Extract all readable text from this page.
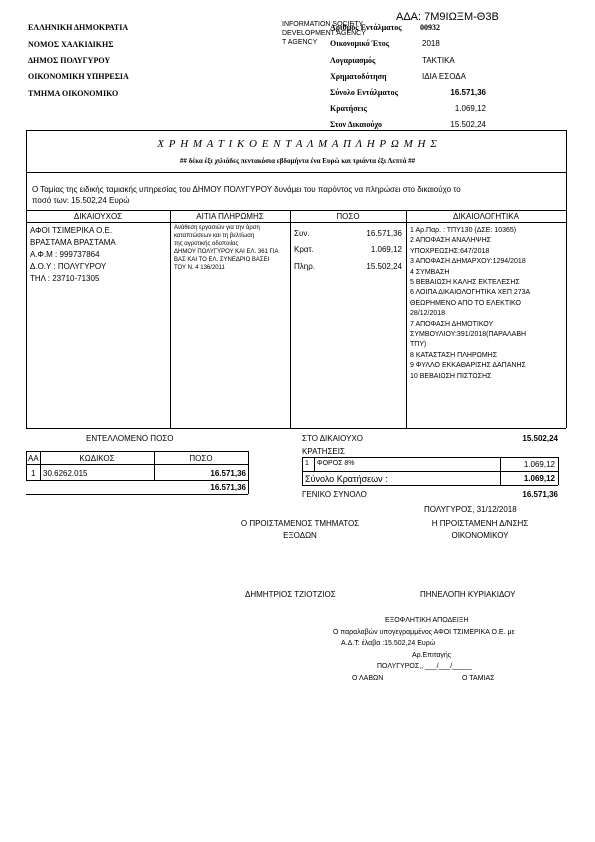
ΑΔΑ: 7Μ9ΙΩΞΜ-Θ3Β
ΕΛΛΗΝΙΚΗ ΔΗΜΟΚΡΑΤΙΑ
ΝΟΜΟΣ ΧΑΛΚΙΔΙΚΗΣ
ΔΗΜΟΣ ΠΟΛΥΓΥΡΟΥ
ΟΙΚΟΝΟΜΙΚΗ ΥΠΗΡΕΣΙΑ
ΤΜΗΜΑ ΟΙΚΟΝΟΜΙΚΟ
INFORMATION SOCIETY
DEVELOPMENT AGENCY
T AGENCY
Αριθμός Εντάλματος 00932
Οικονομικό Έτος	2018
Λογαριασμός	ΤΑΚΤΙΚΑ
Χρηματοδότηση	ΙΔΙΑ ΕΣΟΔΑ
Σύνολο Εντάλματος	16.571,36
Κρατήσεις	1.069,12
Στον Δικαιούχο	15.502,24
Χ Ρ Η Μ Α Τ Ι Κ Ο Ε Ν Τ Α Λ Μ Α Π Λ Η Ρ Ω Μ Η Σ
## δέκα έξι χιλιάδες πεντακόσια εβδομήντα ένα Ευρώ και τριάντα έξι Λεπτά ##
Ο Ταμίας της ειδικής ταμιακής υπηρεσίας του ΔΗΜΟΥ ΠΟΛΥΓΥΡΟΥ δυνάμει του παρόντος να πληρώσει στο δικαιούχο το
ποσό των: 15.502,24 Ευρώ
ΔΙΚΑΙΟΥΧΟΣ	ΑΙΤΙΑ ΠΛΗΡΩΜΗΣ	ΠΟΣΟ	ΔΙΚΑΙΟΛΟΓΗΤΙΚΑ
ΑΦΟΙ ΤΣΙΜΕΡΙΚΑ Ο.Ε.
ΒΡΑΣΤΑΜΑ ΒΡΑΣΤΑΜΑ
Α.Φ.Μ : 999737864
Δ.Ο.Υ : ΠΟΛΥΓΥΡΟΥ
ΤΗΛ : 23710-71305
Ανάθεση εργασιών για την άρση
καταπτώσεων και τη βελτίωση
της αγροτικής οδοποιίας
ΔΗΜΟΥ ΠΟΛΥΓΥΡΟΥ ΚΑΙ ΕΛ. 361 ΓΙΑ
ΒΑΣ ΚΑΙ ΤΟ ΕΛ. ΣΥΝΕΔΡΙΟ ΒΑΣΕΙ
ΤΟΥ Ν. 4 136/2011
Συν.	16.571,36
Κρατ.	1.069,12
Πληρ.	15.502,24
1 Αρ.Παρ. : ΤΠΥ130 (ΔΣΕ: 10365)
2 ΑΠΟΦΑΣΗ ΑΝΑΛΗΨΗΣ
ΥΠΟΧΡΕΩΣΗΣ:647/2018
3 ΑΠΟΦΑΣΗ ΔΗΜΑΡΧΟΥ:1294/2018
4 ΣΥΜΒΑΣΗ
5 ΒΕΒΑΙΩΣΗ ΚΑΛΗΣ ΕΚΤΕΛΕΣΗΣ
6 ΛΟΙΠΑ ΔΙΚΑΙΟΛΟΓΗΤΙΚΑ ΧΕΠ 273Α
ΘΕΩΡΗΜΕΝΟ ΑΠΟ ΤΟ ΕΛΕΚΤΙΚΟ
28/12/2018
7 ΑΠΟΦΑΣΗ ΔΗΜΟΤΙΚΟΥ
ΣΥΜΒΟΥΛΙΟΥ:391/2018(ΠΑΡΑΛΑΒΗ
ΤΠΥ)
8 ΚΑΤΑΣΤΑΣΗ ΠΛΗΡΩΜΗΣ
9 ΦΥΛΛΟ ΕΚΚΑΘΑΡΙΣΗΣ ΔΑΠΑΝΗΣ
10 ΒΕΒΑΙΩΣΗ ΠΙΣΤΩΣΗΣ
ΕΝΤΕΛΛΟΜΕΝΟ ΠΟΣΟ
ΑΑ	ΚΩΔΙΚΟΣ	ΠΟΣΟ
1 30.6262.015	16.571,36
16.571,36
ΣΤΟ ΔΙΚΑΙΟΥΧΟ	15.502,24
ΚΡΑΤΗΣΕΙΣ
1 ΦΟΡΟΣ 8%	1.069,12
Σύνολο Κρατήσεων :	1.069,12
ΓΕΝΙΚΟ ΣΥΝΟΛΟ	16.571,36
ΠΟΛΥΓΥΡΟΣ, 31/12/2018
Ο ΠΡΟΙΣΤΑΜΕΝΟΣ ΤΜΗΜΑΤΟΣ
ΕΞΟΔΩΝ
Η ΠΡΟΙΣΤΑΜΕΝΗ Δ/ΝΣΗΣ
ΟΙΚΟΝΟΜΙΚΟΥ
ΔΗΜΗΤΡΙΟΣ ΤΖΙΟΤΖΙΟΣ	ΠΗΝΕΛΟΠΗ ΚΥΡΙΑΚΙΔΟΥ
ΕΞΟΦΛΗΤΙΚΗ ΑΠΟΔΕΙΞΗ
Ο παραλαβών υπογεγραμμένος ΑΦΟΙ ΤΣΙΜΕΡΙΚΑ Ο.Ε. με
Α.Δ.Τ: έλαβα :15.502,24 Ευρώ
Αρ.Επιταγής
ΠΟΛΥΓΥΡΟΣ,, ___/___/_____
Ο ΛΑΒΩΝ	Ο ΤΑΜΙΑΣ
